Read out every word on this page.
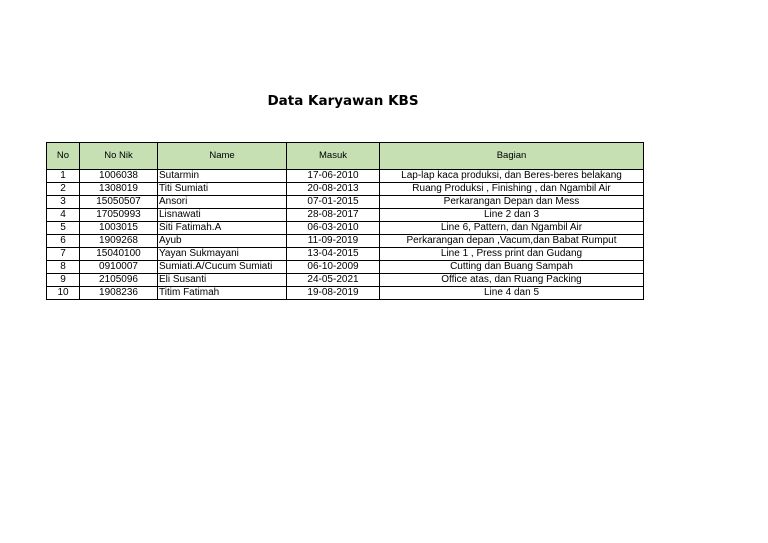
Data Karyawan KBS
No	No Nik	Name	Masuk	Bagian
1	1006038	Sutarmin	17-06-2010	Lap-lap kaca produksi, dan Beres-beres belakang
2	1308019	Titi Sumiati	20-08-2013	Ruang Produksi , Finishing , dan Ngambil Air
3	15050507	Ansori	07-01-2015	Perkarangan Depan dan Mess
4	17050993	Lisnawati	28-08-2017	Line 2 dan 3
5	1003015	Siti Fatimah.A	06-03-2010	Line 6, Pattern, dan Ngambil Air
6	1909268	Ayub	11-09-2019	Perkarangan depan ,Vacum,dan Babat Rumput
7	15040100	Yayan Sukmayani	13-04-2015	Line 1 , Press print dan Gudang
8	0910007	Sumiati.A/Cucum Sumiati	06-10-2009	Cutting dan Buang Sampah
9	2105096	Eli Susanti	24-05-2021	Office atas, dan Ruang Packing
10	1908236	Titim Fatimah	19-08-2019	Line 4 dan 5
